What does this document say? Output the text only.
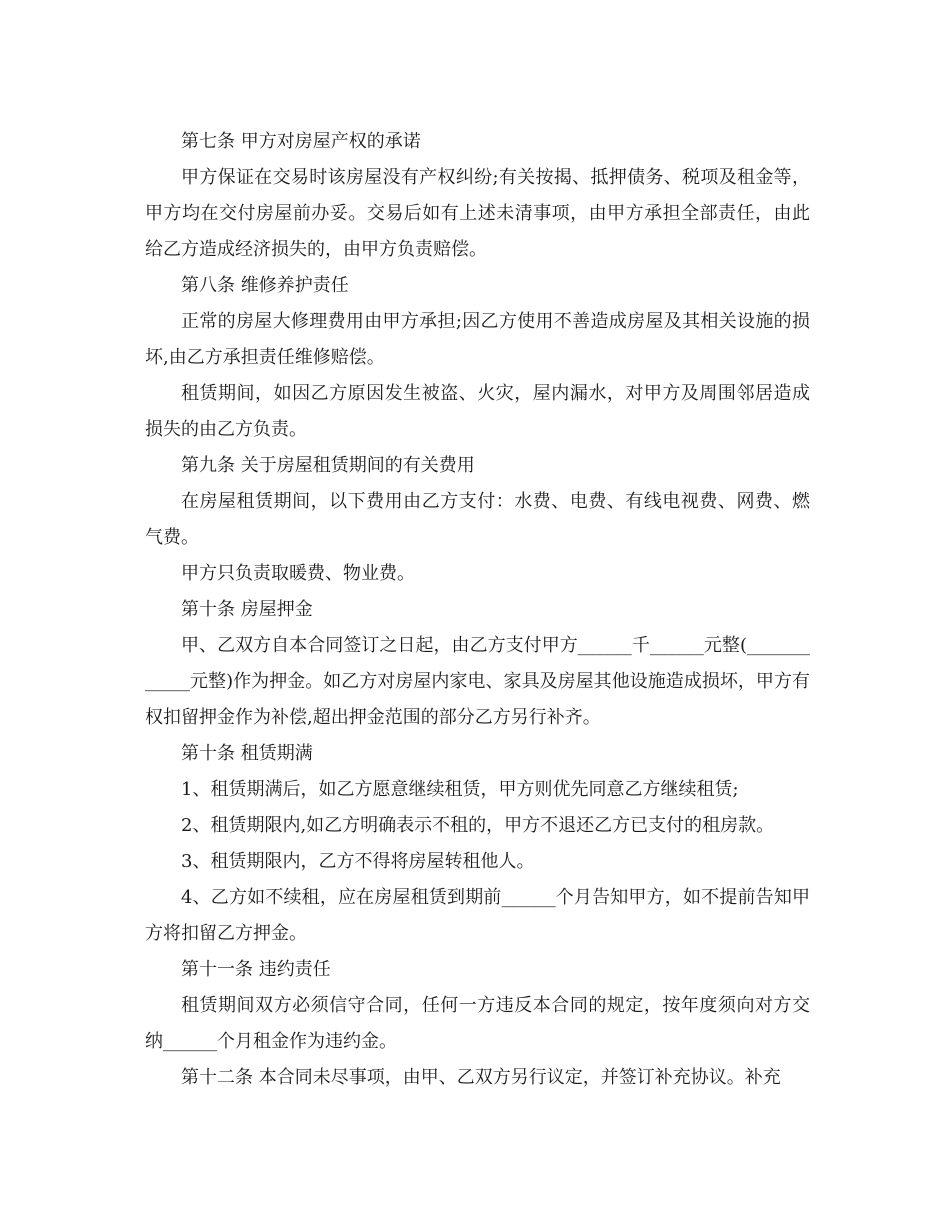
第七条 甲方对房屋产权的承诺

甲方保证在交易时该房屋没有产权纠纷;有关按揭、抵押债务、税项及租金等，甲方均在交付房屋前办妥。交易后如有上述未清事项，由甲方承担全部责任，由此给乙方造成经济损失的，由甲方负责赔偿。

第八条 维修养护责任

正常的房屋大修理费用由甲方承担;因乙方使用不善造成房屋及其相关设施的损坏,由乙方承担责任维修赔偿。

租赁期间，如因乙方原因发生被盗、火灾，屋内漏水，对甲方及周围邻居造成损失的由乙方负责。

第九条 关于房屋租赁期间的有关费用

在房屋租赁期间，以下费用由乙方支付：水费、电费、有线电视费、网费、燃气费。

甲方只负责取暖费、物业费。

第十条 房屋押金

甲、乙双方自本合同签订之日起，由乙方支付甲方______千______元整(____________元整)作为押金。如乙方对房屋内家电、家具及房屋其他设施造成损坏，甲方有权扣留押金作为补偿,超出押金范围的部分乙方另行补齐。

第十条 租赁期满

1、租赁期满后，如乙方愿意继续租赁，甲方则优先同意乙方继续租赁;

2、租赁期限内,如乙方明确表示不租的，甲方不退还乙方已支付的租房款。

3、租赁期限内，乙方不得将房屋转租他人。

4、乙方如不续租，应在房屋租赁到期前______个月告知甲方，如不提前告知甲方将扣留乙方押金。

第十一条 违约责任

租赁期间双方必须信守合同，任何一方违反本合同的规定，按年度须向对方交纳______个月租金作为违约金。

第十二条 本合同未尽事项，由甲、乙双方另行议定，并签订补充协议。补充
